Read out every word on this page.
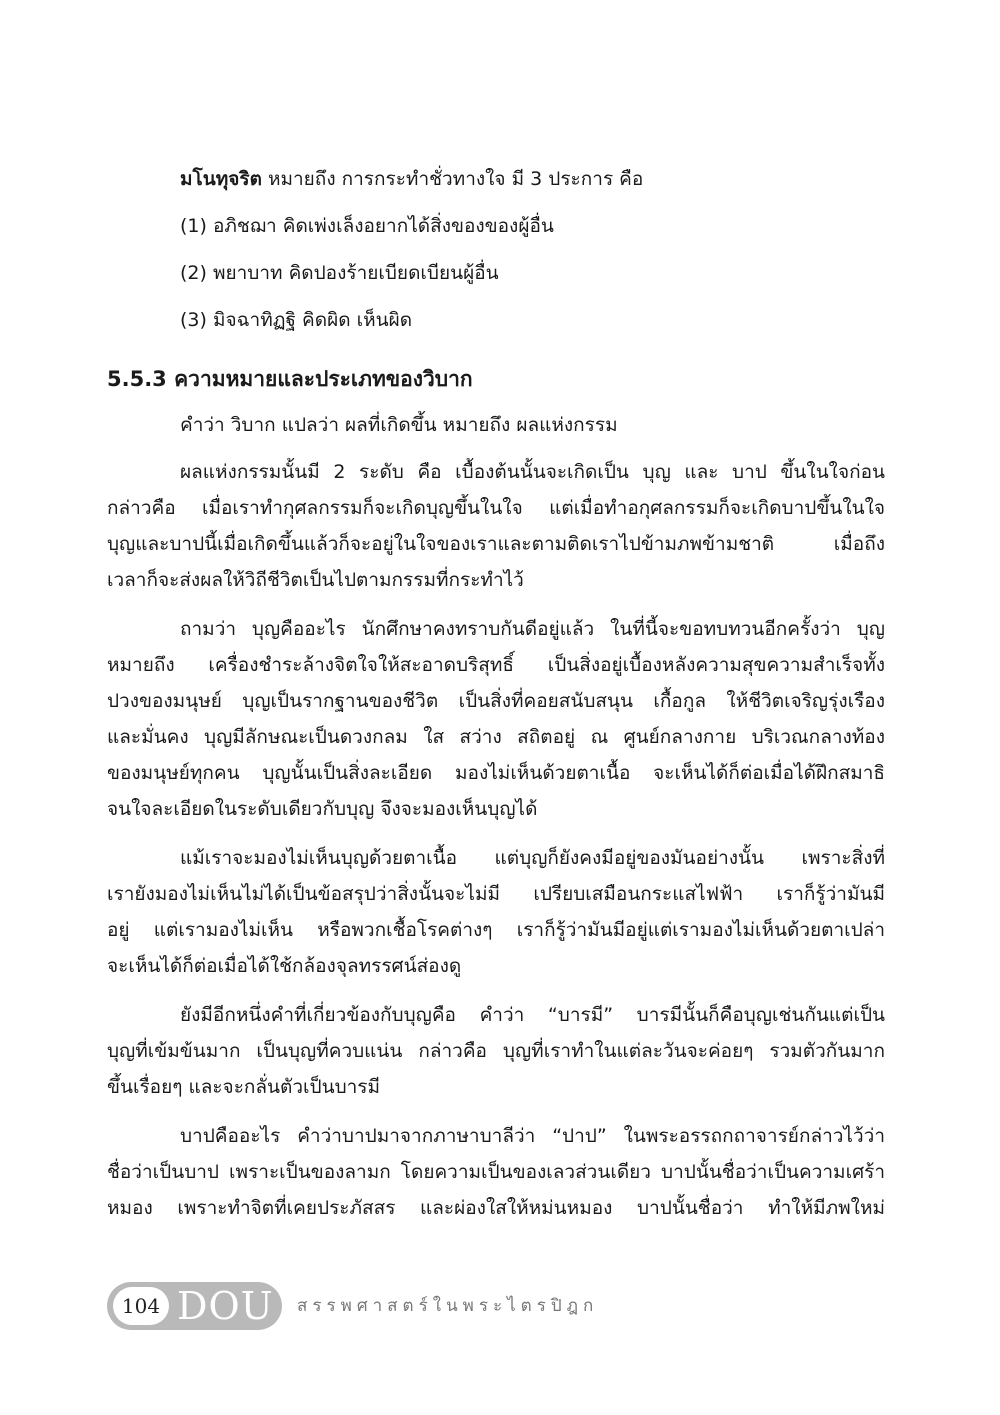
มโนทุจริต หมายถึง การกระทำชั่วทางใจ มี 3 ประการ คือ
(1) อภิชฌา คิดเพ่งเล็งอยากได้สิ่งของของผู้อื่น
(2) พยาบาท คิดปองร้ายเบียดเบียนผู้อื่น
(3) มิจฉาทิฏฐิ คิดผิด เห็นผิด
5.5.3 ความหมายและประเภทของวิบาก
คำว่า วิบาก แปลว่า ผลที่เกิดขึ้น หมายถึง ผลแห่งกรรม
ผลแห่งกรรมนั้นมี 2 ระดับ คือ เบื้องต้นนั้นจะเกิดเป็น บุญ และ บาป ขึ้นในใจก่อน
กล่าวคือ เมื่อเราทำกุศลกรรมก็จะเกิดบุญขึ้นในใจ แต่เมื่อทำอกุศลกรรมก็จะเกิดบาปขึ้นในใจ
บุญและบาปนี้เมื่อเกิดขึ้นแล้วก็จะอยู่ในใจของเราและตามติดเราไปข้ามภพข้ามชาติ เมื่อถึง
เวลาก็จะส่งผลให้วิถีชีวิตเป็นไปตามกรรมที่กระทำไว้
ถามว่า บุญคืออะไร นักศึกษาคงทราบกันดีอยู่แล้ว ในที่นี้จะขอทบทวนอีกครั้งว่า บุญ
หมายถึง เครื่องชำระล้างจิตใจให้สะอาดบริสุทธิ์ เป็นสิ่งอยู่เบื้องหลังความสุขความสำเร็จทั้ง
ปวงของมนุษย์ บุญเป็นรากฐานของชีวิต เป็นสิ่งที่คอยสนับสนุน เกื้อกูล ให้ชีวิตเจริญรุ่งเรือง
และมั่นคง บุญมีลักษณะเป็นดวงกลม ใส สว่าง สถิตอยู่ ณ ศูนย์กลางกาย บริเวณกลางท้อง
ของมนุษย์ทุกคน บุญนั้นเป็นสิ่งละเอียด มองไม่เห็นด้วยตาเนื้อ จะเห็นได้ก็ต่อเมื่อได้ฝึกสมาธิ
จนใจละเอียดในระดับเดียวกับบุญ จึงจะมองเห็นบุญได้
แม้เราจะมองไม่เห็นบุญด้วยตาเนื้อ แต่บุญก็ยังคงมีอยู่ของมันอย่างนั้น เพราะสิ่งที่
เรายังมองไม่เห็นไม่ได้เป็นข้อสรุปว่าสิ่งนั้นจะไม่มี เปรียบเสมือนกระแสไฟฟ้า เราก็รู้ว่ามันมี
อยู่ แต่เรามองไม่เห็น หรือพวกเชื้อโรคต่างๆ เราก็รู้ว่ามันมีอยู่แต่เรามองไม่เห็นด้วยตาเปล่า
จะเห็นได้ก็ต่อเมื่อได้ใช้กล้องจุลทรรศน์ส่องดู
ยังมีอีกหนึ่งคำที่เกี่ยวข้องกับบุญคือ คำว่า “บารมี” บารมีนั้นก็คือบุญเช่นกันแต่เป็น
บุญที่เข้มข้นมาก เป็นบุญที่ควบแน่น กล่าวคือ บุญที่เราทำในแต่ละวันจะค่อยๆ รวมตัวกันมาก
ขึ้นเรื่อยๆ และจะกลั่นตัวเป็นบารมี
บาปคืออะไร คำว่าบาปมาจากภาษาบาลีว่า “ปาป” ในพระอรรถกถาจารย์กล่าวไว้ว่า
ชื่อว่าเป็นบาป เพราะเป็นของลามก โดยความเป็นของเลวส่วนเดียว บาปนั้นชื่อว่าเป็นความเศร้า
หมอง เพราะทำจิตที่เคยประภัสสร และผ่องใสให้หม่นหมอง บาปนั้นชื่อว่า ทำให้มีภพใหม่
104 DOU สรรพศาสตร์ในพระไตรปิฎก
